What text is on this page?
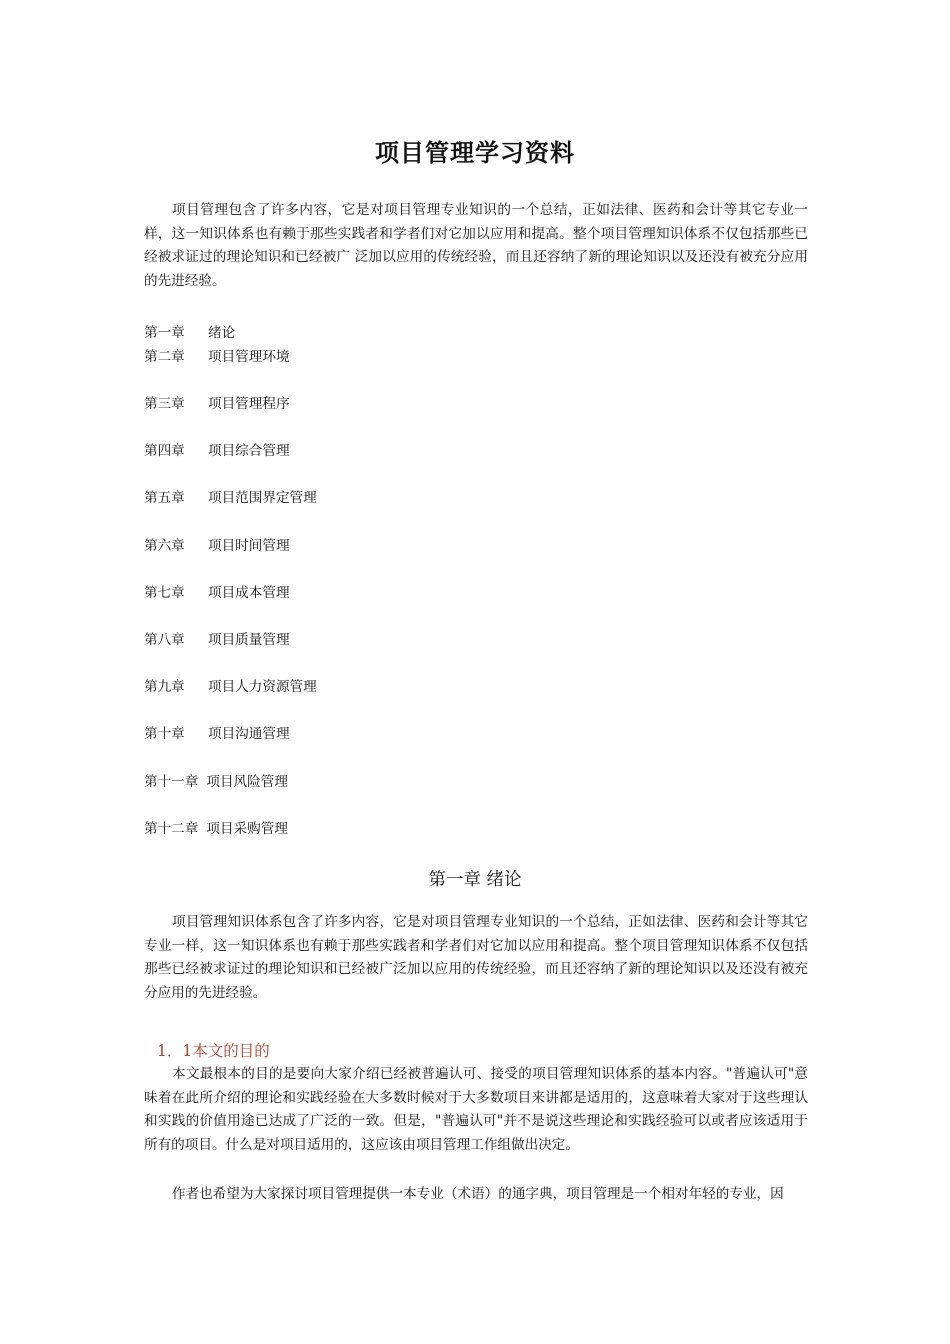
项目管理学习资料

项目管理包含了许多内容，它是对项目管理专业知识的一个总结，正如法律、医药和会计等其它专业一样，这一知识体系也有赖于那些实践者和学者们对它加以应用和提高。整个项目管理知识体系不仅包括那些已经被求证过的理论知识和已经被广 泛加以应用的传统经验，而且还容纳了新的理论知识以及还没有被充分应用的先进经验。

第一章 绪论
第二章 项目管理环境
第三章 项目管理程序
第四章 项目综合管理
第五章 项目范围界定管理
第六章 项目时间管理
第七章 项目成本管理
第八章 项目质量管理
第九章 项目人力资源管理
第十章 项目沟通管理
第十一章 项目风险管理
第十二章 项目采购管理
第一章 绪论

项目管理知识体系包含了许多内容，它是对项目管理专业知识的一个总结，正如法律、医药和会计等其它专业一样，这一知识体系也有赖于那些实践者和学者们对它加以应用和提高。整个项目管理知识体系不仅包括那些已经被求证过的理论知识和已经被广泛加以应用的传统经验，而且还容纳了新的理论知识以及还没有被充分应用的先进经验。

1．1本文的目的

本文最根本的目的是要向大家介绍已经被普遍认可、接受的项目管理知识体系的基本内容。"普遍认可"意味着在此所介绍的理论和实践经验在大多数时候对于大多数项目来讲都是适用的，这意味着大家对于这些理认和实践的价值用途已达成了广泛的一致。但是，"普遍认可"并不是说这些理论和实践经验可以或者应该适用于所有的项目。什么是对项目适用的，这应该由项目管理工作组做出决定。

作者也希望为大家探讨项目管理提供一本专业（术语）的通字典，项目管理是一个相对年轻的专业，因
